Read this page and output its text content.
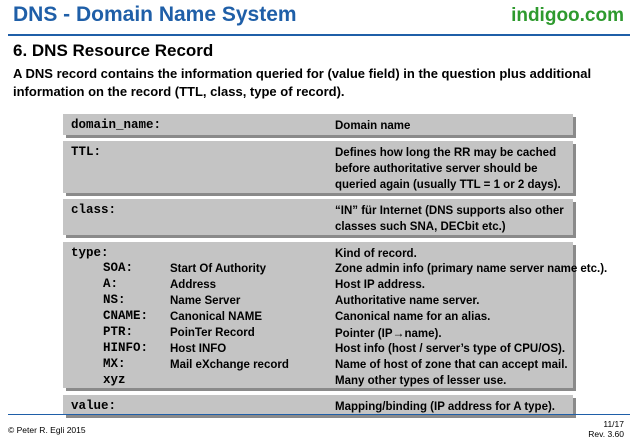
DNS - Domain Name System	indigoo.com
6. DNS Resource Record
A DNS record contains the information queried for (value field) in the question plus additional information on the record (TTL, class, type of record).
domain_name:	Domain name
TTL:	Defines how long the RR may be cached before authoritative server should be queried again (usually TTL = 1 or 2 days).
class:	“IN” für Internet (DNS supports also other classes such SNA, DECbit etc.)
type:	Kind of record.
SOA:	Start Of Authority	Zone admin info (primary name server name etc.).
A:	Address	Host IP address.
NS:	Name Server	Authoritative name server.
CNAME: Canonical NAME	Canonical name for an alias.
PTR:	PoinTer Record	Pointer (IP→name).
HINFO: Host INFO	Host info (host / server’s type of CPU/OS).
MX:	Mail eXchange record	Name of host of zone that can accept mail.
xyz	Many other types of lesser use.
value:	Mapping/binding (IP address for A type).
© Peter R. Egli 2015
11/17
Rev. 3.60
